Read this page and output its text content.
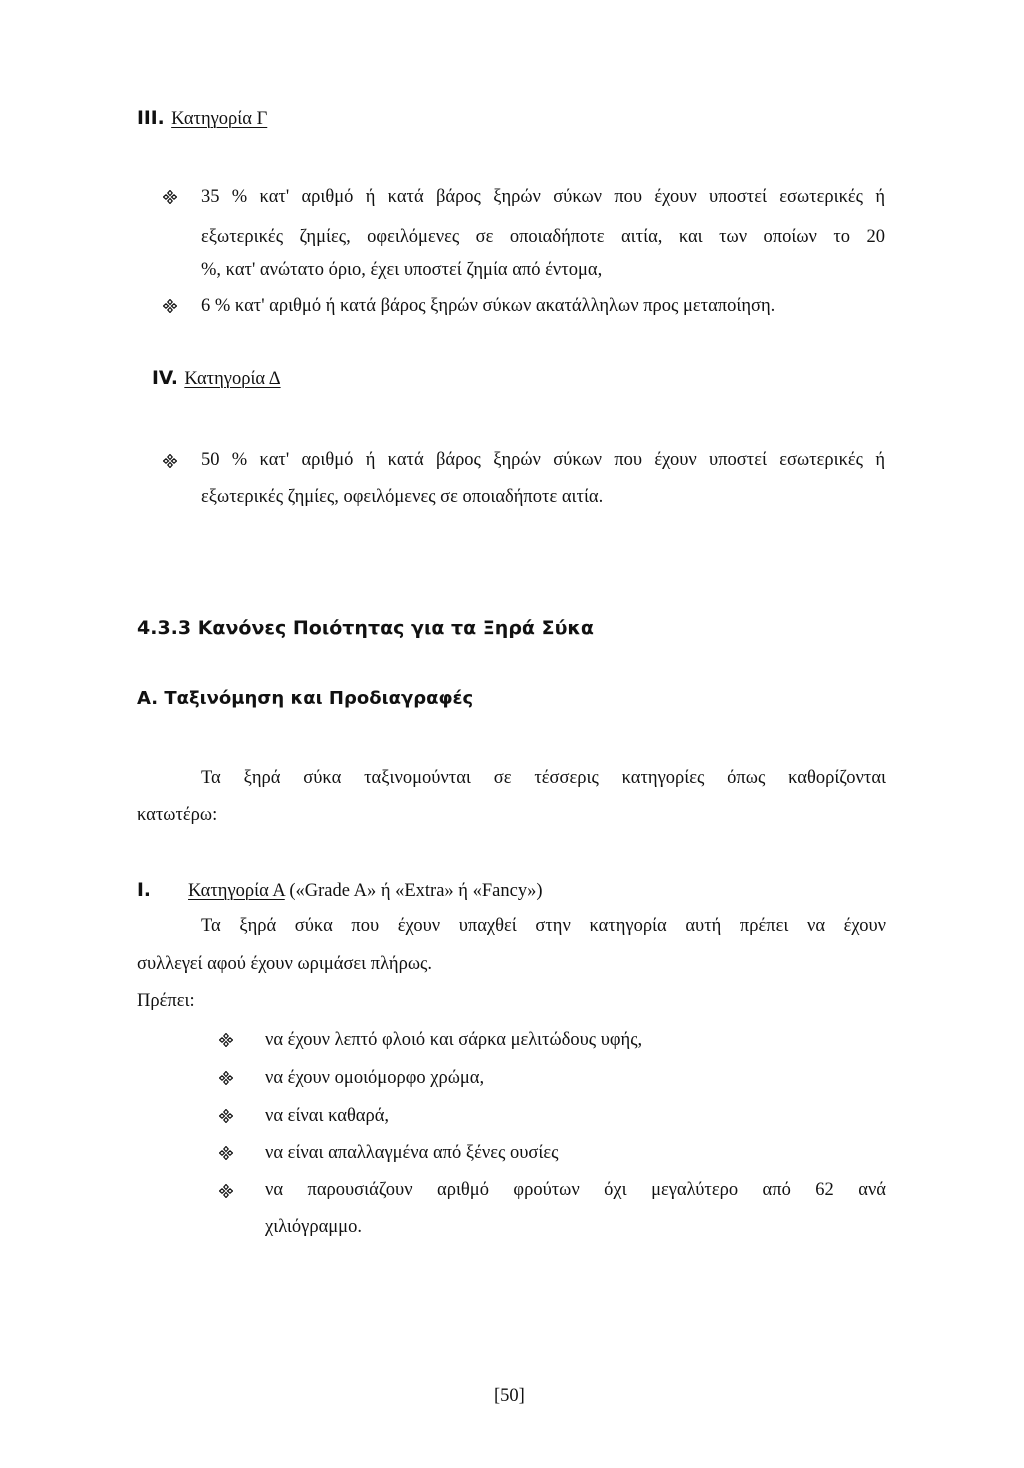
III. Κατηγορία Γ
35 % κατ' αριθμό ή κατά βάρος ξηρών σύκων που έχουν υποστεί εσωτερικές ή
εξωτερικές ζημίες, οφειλόμενες σε οποιαδήποτε αιτία, και των οποίων το 20
%, κατ' ανώτατο όριο, έχει υποστεί ζημία από έντομα,
6 % κατ' αριθμό ή κατά βάρος ξηρών σύκων ακατάλληλων προς μεταποίηση.
IV. Κατηγορία Δ
50 % κατ' αριθμό ή κατά βάρος ξηρών σύκων που έχουν υποστεί εσωτερικές ή
εξωτερικές ζημίες, οφειλόμενες σε οποιαδήποτε αιτία.
4.3.3 Κανόνες Ποιότητας για τα Ξηρά Σύκα
A. Ταξινόμηση και Προδιαγραφές
Τα ξηρά σύκα ταξινομούνται σε τέσσερις κατηγορίες όπως καθορίζονται
κατωτέρω:
I. Κατηγορία Α («Grade A» ή «Extra» ή «Fancy»)
Τα ξηρά σύκα που έχουν υπαχθεί στην κατηγορία αυτή πρέπει να έχουν
συλλεγεί αφού έχουν ωριμάσει πλήρως.
Πρέπει:
να έχουν λεπτό φλοιό και σάρκα μελιτώδους υφής,
να έχουν ομοιόμορφο χρώμα,
να είναι καθαρά,
να είναι απαλλαγμένα από ξένες ουσίες
να παρουσιάζουν αριθμό φρούτων όχι μεγαλύτερο από 62 ανά
χιλιόγραμμο.
[50]
